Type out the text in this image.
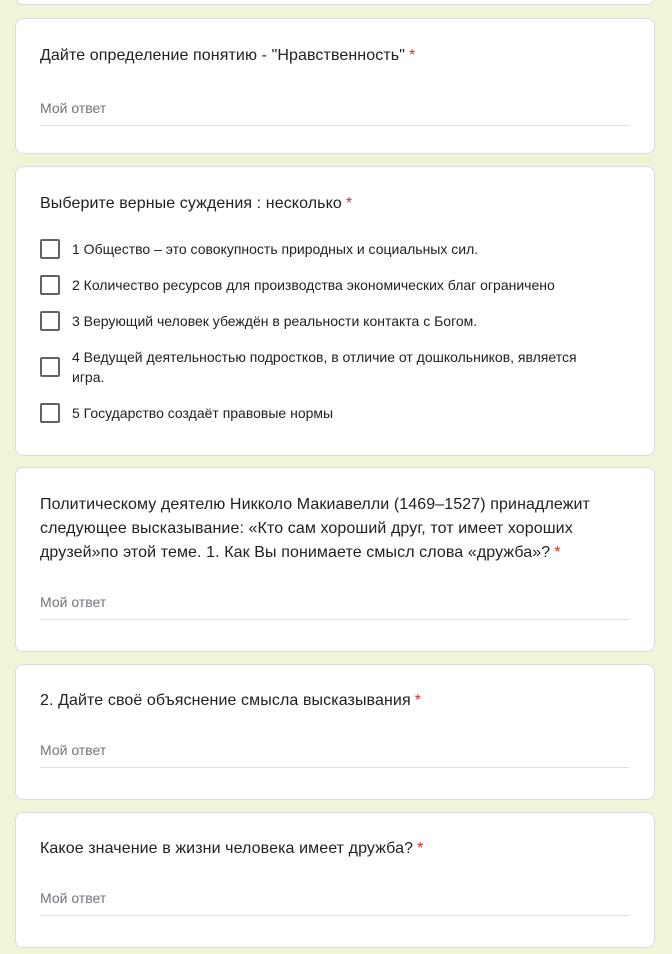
Дайте определение понятию - "Нравственность" *
Мой ответ
Выберите верные суждения : несколько *
1 Общество – это совокупность природных и социальных сил.
2 Количество ресурсов для производства экономических благ ограничено
3 Верующий человек убеждён в реальности контакта с Богом.
4 Ведущей деятельностью подростков, в отличие от дошкольников, является игра.
5 Государство создаёт правовые нормы
Политическому деятелю Никколо Макиавелли (1469–1527) принадлежит следующее высказывание: «Кто сам хороший друг, тот имеет хороших друзей»по этой теме. 1. Как Вы понимаете смысл слова «дружба»? *
Мой ответ
2. Дайте своё объяснение смысла высказывания *
Мой ответ
Какое значение в жизни человека имеет дружба? *
Мой ответ
